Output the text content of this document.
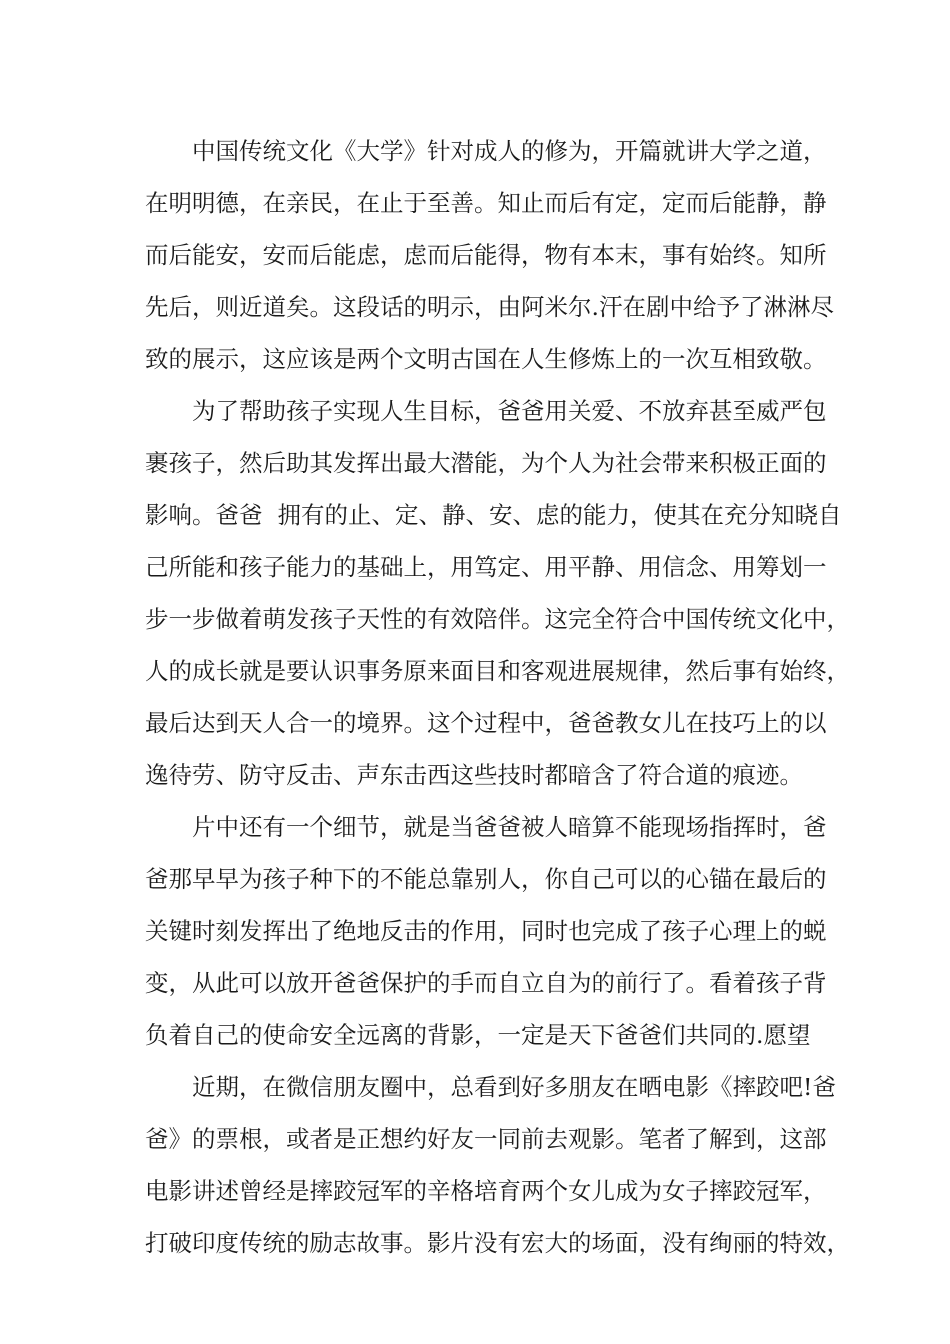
中国传统文化《大学》针对成人的修为，开篇就讲大学之道，
在明明德，在亲民，在止于至善。知止而后有定，定而后能静，静
而后能安，安而后能虑，虑而后能得，物有本末，事有始终。知所
先后，则近道矣。这段话的明示，由阿米尔.汗在剧中给予了淋淋尽
致的展示，这应该是两个文明古国在人生修炼上的一次互相致敬。
为了帮助孩子实现人生目标，爸爸用关爱、不放弃甚至威严包
裹孩子，然后助其发挥出最大潜能，为个人为社会带来积极正面的
影响。爸爸  拥有的止、定、静、安、虑的能力，使其在充分知晓自
己所能和孩子能力的基础上，用笃定、用平静、用信念、用筹划一
步一步做着萌发孩子天性的有效陪伴。这完全符合中国传统文化中，
人的成长就是要认识事务原来面目和客观进展规律，然后事有始终，
最后达到天人合一的境界。这个过程中，爸爸教女儿在技巧上的以
逸待劳、防守反击、声东击西这些技时都暗含了符合道的痕迹。
片中还有一个细节，就是当爸爸被人暗算不能现场指挥时，爸
爸那早早为孩子种下的不能总靠别人，你自己可以的心锚在最后的
关键时刻发挥出了绝地反击的作用，同时也完成了孩子心理上的蜕
变，从此可以放开爸爸保护的手而自立自为的前行了。看着孩子背
负着自己的使命安全远离的背影，一定是天下爸爸们共同的.愿望
近期，在微信朋友圈中，总看到好多朋友在晒电影《摔跤吧!爸
爸》的票根，或者是正想约好友一同前去观影。笔者了解到，这部
电影讲述曾经是摔跤冠军的辛格培育两个女儿成为女子摔跤冠军，
打破印度传统的励志故事。影片没有宏大的场面，没有绚丽的特效，
